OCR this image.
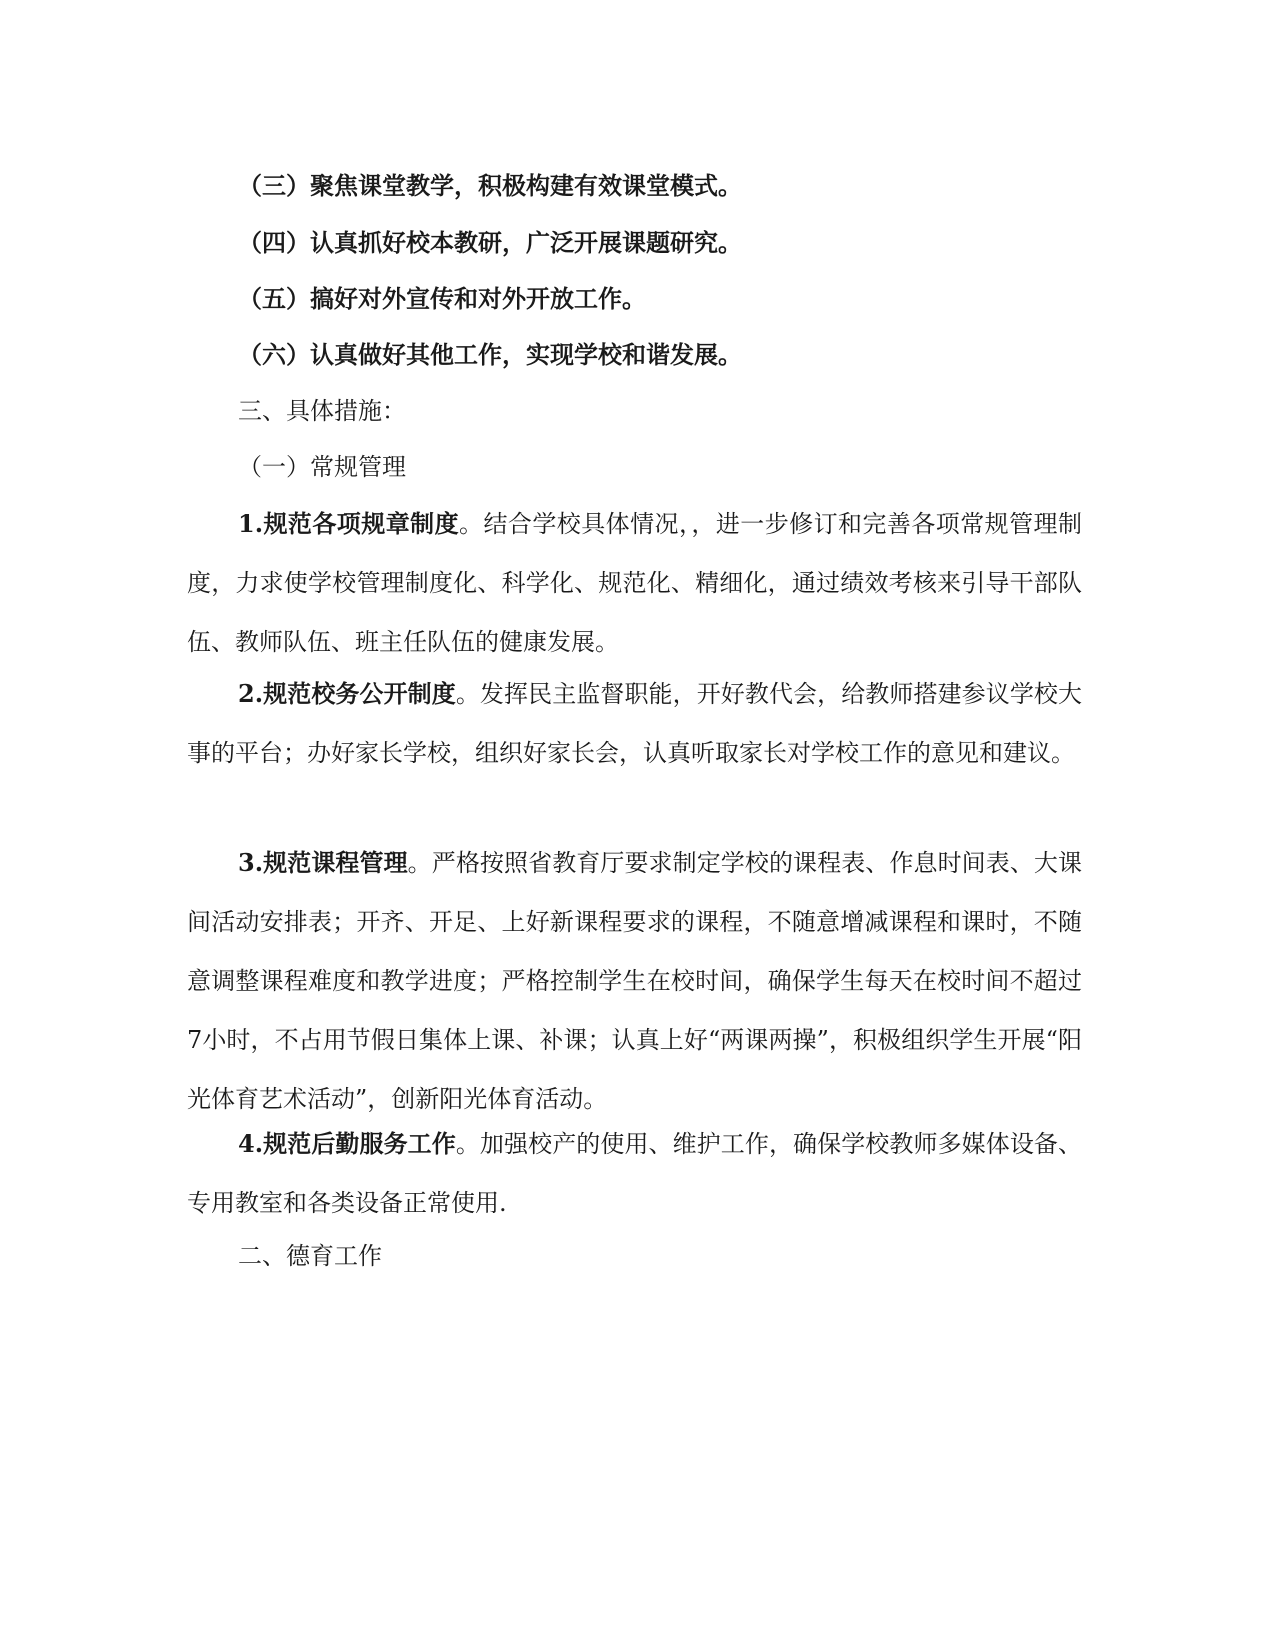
（三）聚焦课堂教学，积极构建有效课堂模式。

（四）认真抓好校本教研，广泛开展课题研究。

（五）搞好对外宣传和对外开放工作。

（六）认真做好其他工作，实现学校和谐发展。

三、具体措施：

（一）常规管理

1.规范各项规章制度。结合学校具体情况，，进一步修订和完善各项常规管理制度，力求使学校管理制度化、科学化、规范化、精细化，通过绩效考核来引导干部队伍、教师队伍、班主任队伍的健康发展。

2.规范校务公开制度。发挥民主监督职能，开好教代会，给教师搭建参议学校大事的平台；办好家长学校，组织好家长会，认真听取家长对学校工作的意见和建议。

3.规范课程管理。严格按照省教育厅要求制定学校的课程表、作息时间表、大课间活动安排表；开齐、开足、上好新课程要求的课程，不随意增减课程和课时，不随意调整课程难度和教学进度；严格控制学生在校时间，确保学生每天在校时间不超过7小时，不占用节假日集体上课、补课；认真上好“两课两操”，积极组织学生开展“阳光体育艺术活动”，创新阳光体育活动。

4.规范后勤服务工作。加强校产的使用、维护工作，确保学校教师多媒体设备、专用教室和各类设备正常使用.

二、德育工作
